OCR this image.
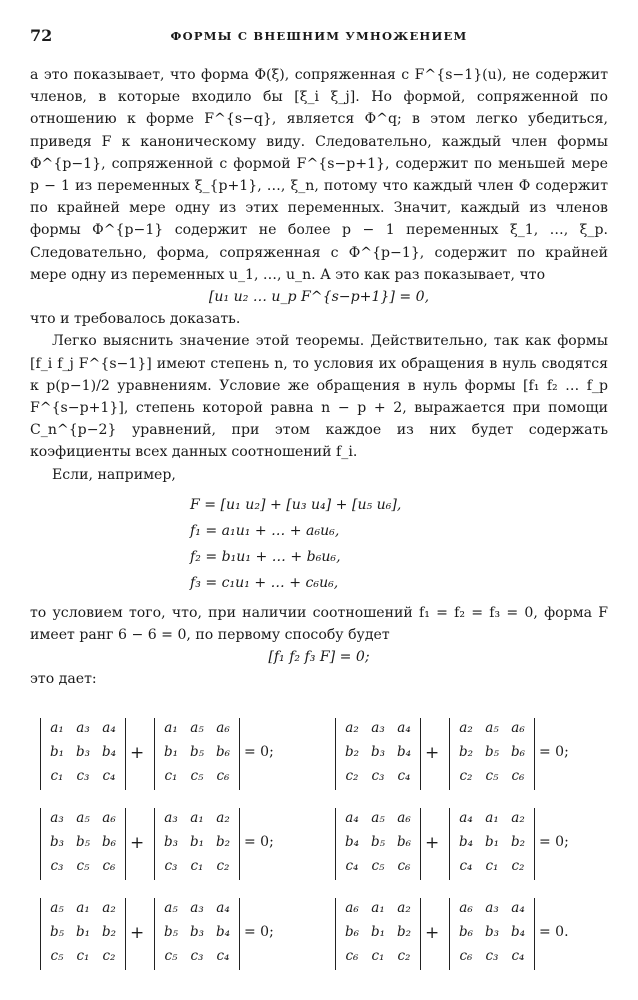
72	ФОРМЫ С ВНЕШНИМ УМНОЖЕНИЕМ

а это показывает, что форма Φ(ξ), сопряженная с F^{s−1}(u), не содержит членов, в которые входило бы [ξ_i ξ_j]. Но формой, сопряженной по отношению к форме F^{s−q}, является Φ^q; в этом легко убедиться, приведя F к каноническому виду. Следовательно, каждый член формы Φ^{p−1}, сопряженной с формой F^{s−p+1}, содержит по меньшей мере p − 1 из переменных ξ_{p+1}, …, ξ_n, потому что каждый член Φ содержит по крайней мере одну из этих переменных. Значит, каждый из членов формы Φ^{p−1} содержит не более p − 1 переменных ξ_1, …, ξ_p. Следовательно, форма, сопряженная с Φ^{p−1}, содержит по крайней мере одну из переменных u_1, …, u_n. А это как раз показывает, что

[u₁ u₂ … u_p F^{s−p+1}] = 0,

что и требовалось доказать.

Легко выяснить значение этой теоремы. Действительно, так как формы [f_i f_j F^{s−1}] имеют степень n, то условия их обращения в нуль сводятся к p(p−1)/2 уравнениям. Условие же обращения в нуль формы [f₁ f₂ … f_p F^{s−p+1}], степень которой равна n − p + 2, выражается при помощи C_n^{p−2} уравнений, при этом каждое из них будет содержать коэфициенты всех данных соотношений f_i.

Если, например,

F = [u₁ u₂] + [u₃ u₄] + [u₅ u₆],
f₁ = a₁u₁ + … + a₆u₆,
f₂ = b₁u₁ + … + b₆u₆,
f₃ = c₁u₁ + … + c₆u₆,

то условием того, что, при наличии соотношений f₁ = f₂ = f₃ = 0, форма F имеет ранг 6 − 6 = 0, по первому способу будет

[f₁ f₂ f₃ F] = 0;

это дает:

a₁ a₃ a₄
b₁ b₃ b₄
c₁ c₃ c₄
+
a₁ a₅ a₆
b₁ b₅ b₆
c₁ c₅ c₆
= 0;
a₂ a₃ a₄
b₂ b₃ b₄
c₂ c₃ c₄
+
a₂ a₅ a₆
b₂ b₅ b₆
c₂ c₅ c₆
= 0;
a₃ a₅ a₆
b₃ b₅ b₆
c₃ c₅ c₆
+
a₃ a₁ a₂
b₃ b₁ b₂
c₃ c₁ c₂
= 0;
a₄ a₅ a₆
b₄ b₅ b₆
c₄ c₅ c₆
+
a₄ a₁ a₂
b₄ b₁ b₂
c₄ c₁ c₂
= 0;
a₅ a₁ a₂
b₅ b₁ b₂
c₅ c₁ c₂
+
a₅ a₃ a₄
b₅ b₃ b₄
c₅ c₃ c₄
= 0;
a₆ a₁ a₂
b₆ b₁ b₂
c₆ c₁ c₂
+
a₆ a₃ a₄
b₆ b₃ b₄
c₆ c₃ c₄
= 0.
